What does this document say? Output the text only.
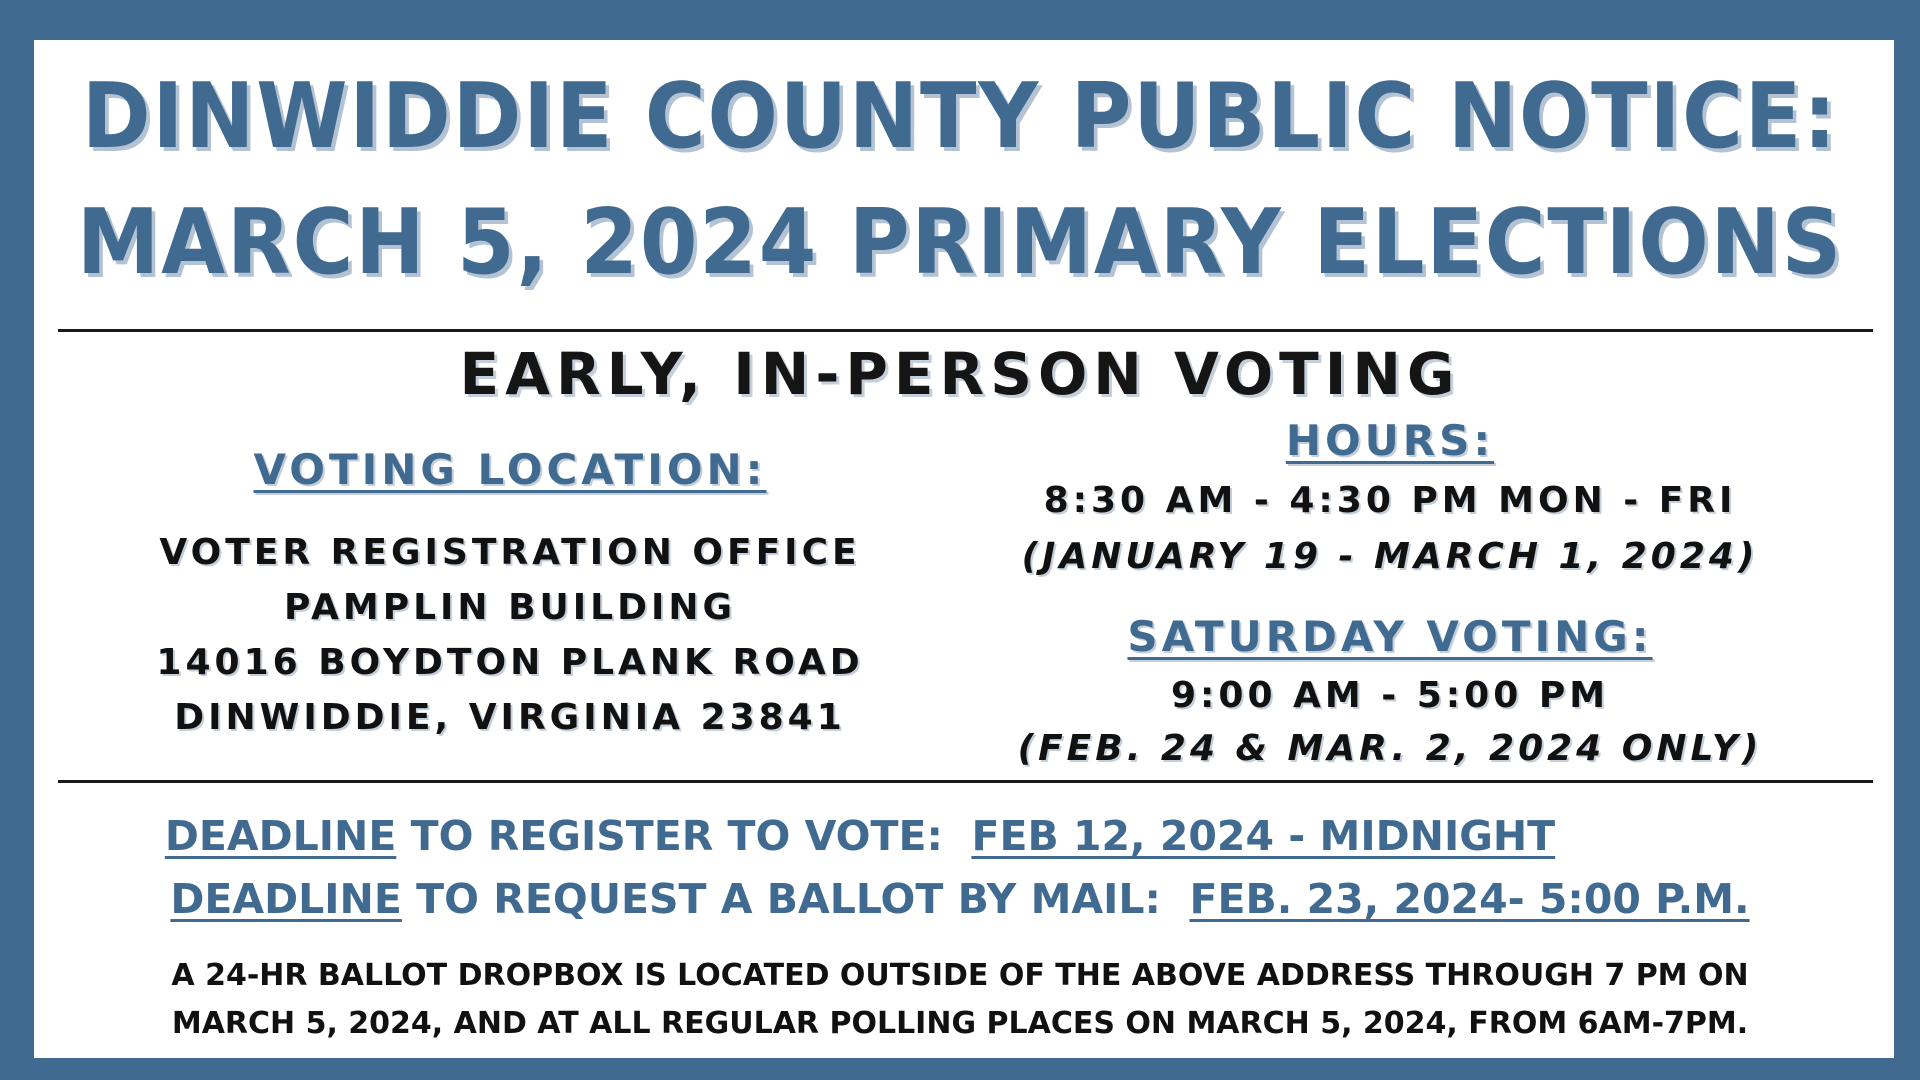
DINWIDDIE COUNTY PUBLIC NOTICE:
MARCH 5, 2024 PRIMARY ELECTIONS
EARLY, IN-PERSON VOTING
VOTING LOCATION:
VOTER REGISTRATION OFFICE
PAMPLIN BUILDING
14016 BOYDTON PLANK ROAD
DINWIDDIE, VIRGINIA 23841
HOURS:
8:30 AM - 4:30 PM MON - FRI
(JANUARY 19 - MARCH 1, 2024)
SATURDAY VOTING:
9:00 AM - 5:00 PM
(FEB. 24 & MAR. 2, 2024 ONLY)
DEADLINE TO REGISTER TO VOTE:  FEB 12, 2024 - MIDNIGHT
DEADLINE TO REQUEST A BALLOT BY MAIL:  FEB. 23, 2024- 5:00 P.M.
A 24-HR BALLOT DROPBOX IS LOCATED OUTSIDE OF THE ABOVE ADDRESS THROUGH 7 PM ON
MARCH 5, 2024, AND AT ALL REGULAR POLLING PLACES ON MARCH 5, 2024, FROM 6AM-7PM.
